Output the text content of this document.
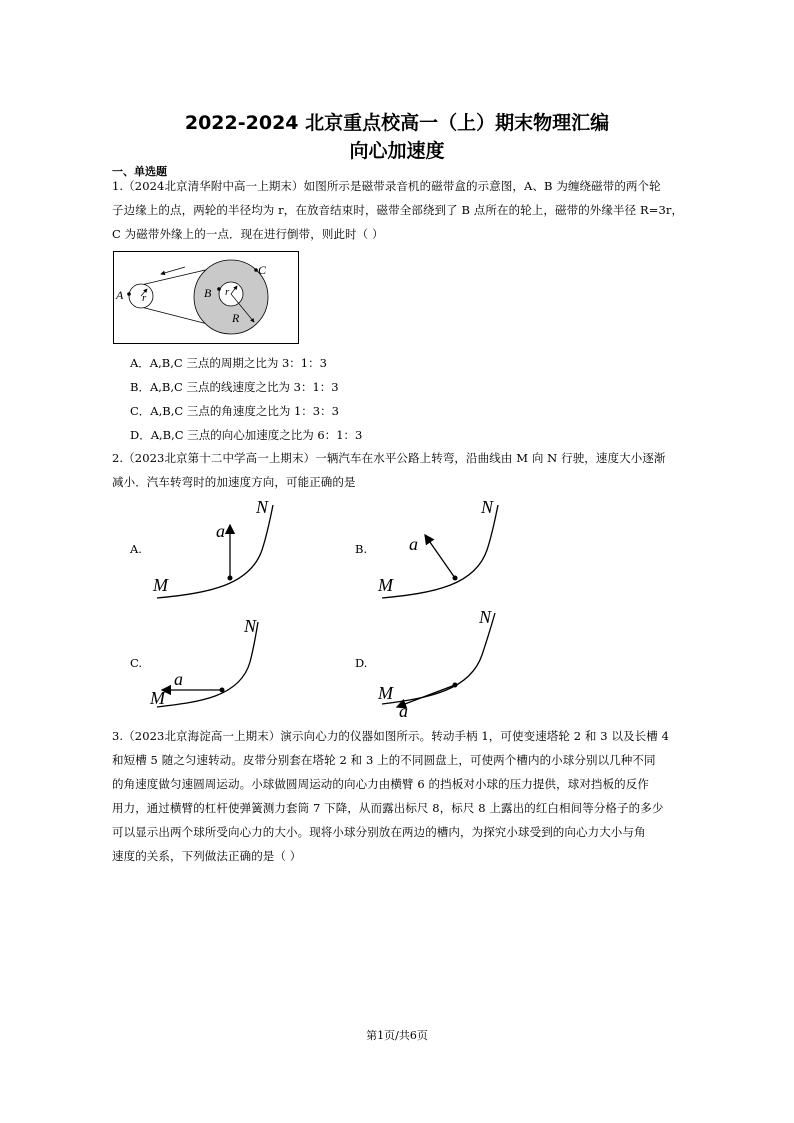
2022-2024 北京重点校高一（上）期末物理汇编
向心加速度
一、单选题
1.（2024北京清华附中高一上期末）如图所示是磁带录音机的磁带盒的示意图，A、B 为缠绕磁带的两个轮
子边缘上的点，两轮的半径均为 r，在放音结束时，磁带全部绕到了 B 点所在的轮上，磁带的外缘半径 R=3r，
C 为磁带外缘上的一点．现在进行倒带，则此时（ ）
A	B
C
r	r
R
A．A,B,C 三点的周期之比为 3：1：3
B．A,B,C 三点的线速度之比为 3：1：3
C．A,B,C 三点的角速度之比为 1：3：3
D．A,B,C 三点的向心加速度之比为 6：1：3
2.（2023北京第十二中学高一上期末）一辆汽车在水平公路上转弯，沿曲线由 M 向 N 行驶，速度大小逐渐
减小．汽车转弯时的加速度方向，可能正确的是
A.	B.
C.	D.
M
N
a
M
N
a
M
N
a
M
N
a
3.（2023北京海淀高一上期末）演示向心力的仪器如图所示。转动手柄 1，可使变速塔轮 2 和 3 以及长槽 4
和短槽 5 随之匀速转动。皮带分别套在塔轮 2 和 3 上的不同圆盘上，可使两个槽内的小球分别以几种不同
的角速度做匀速圆周运动。小球做圆周运动的向心力由横臂 6 的挡板对小球的压力提供，球对挡板的反作
用力，通过横臂的杠杆使弹簧测力套筒 7 下降，从而露出标尺 8，标尺 8 上露出的红白相间等分格子的多少
可以显示出两个球所受向心力的大小。现将小球分别放在两边的槽内，为探究小球受到的向心力大小与角
速度的关系，下列做法正确的是（ ）
第1页/共6页
